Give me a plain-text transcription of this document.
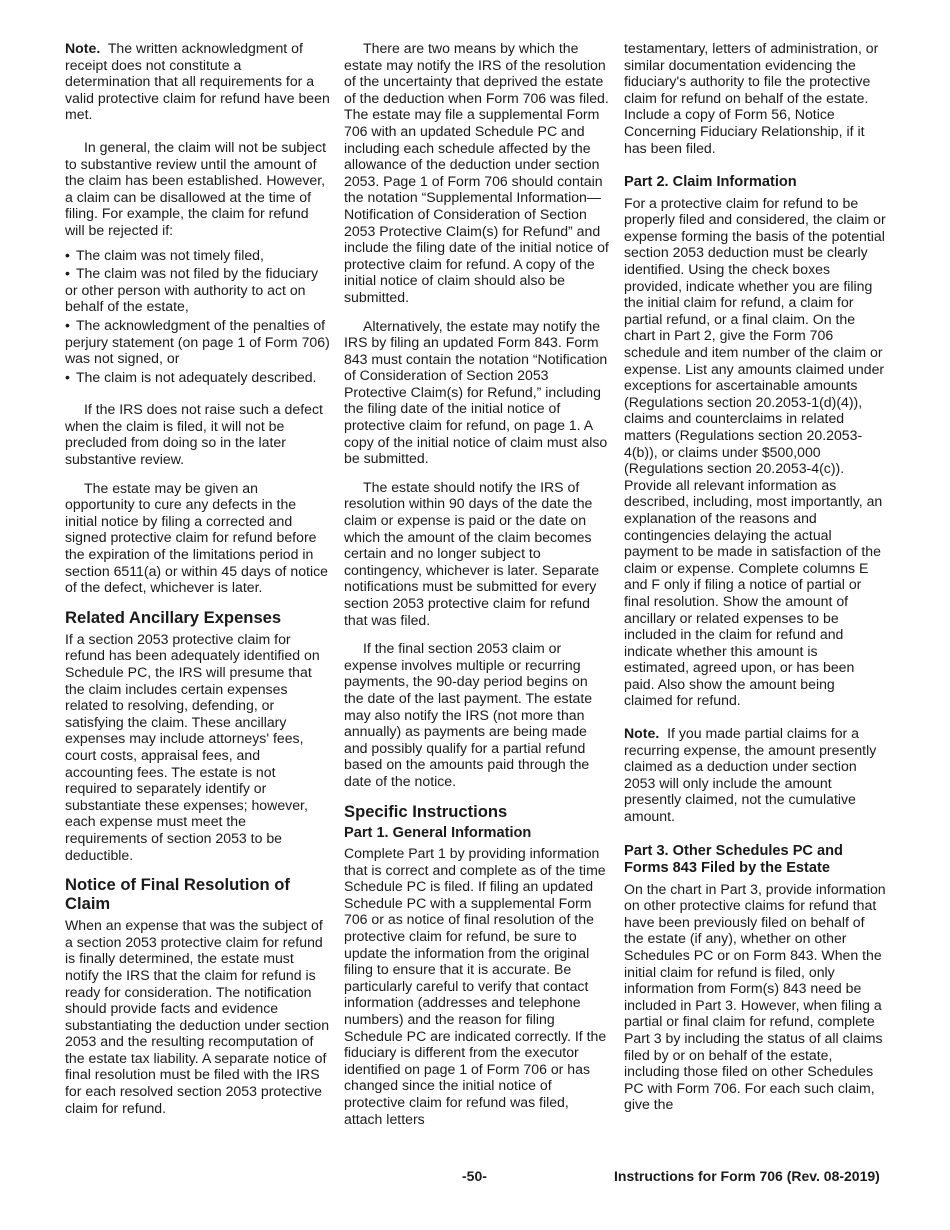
Note. The written acknowledgment of receipt does not constitute a determination that all requirements for a valid protective claim for refund have been met.

In general, the claim will not be subject to substantive review until the amount of the claim has been established. However, a claim can be disallowed at the time of filing. For example, the claim for refund will be rejected if:

• The claim was not timely filed,
• The claim was not filed by the fiduciary or other person with authority to act on behalf of the estate,
• The acknowledgment of the penalties of perjury statement (on page 1 of Form 706) was not signed, or
• The claim is not adequately described.

If the IRS does not raise such a defect when the claim is filed, it will not be precluded from doing so in the later substantive review.

The estate may be given an opportunity to cure any defects in the initial notice by filing a corrected and signed protective claim for refund before the expiration of the limitations period in section 6511(a) or within 45 days of notice of the defect, whichever is later.

Related Ancillary Expenses

If a section 2053 protective claim for refund has been adequately identified on Schedule PC, the IRS will presume that the claim includes certain expenses related to resolving, defending, or satisfying the claim. These ancillary expenses may include attorneys' fees, court costs, appraisal fees, and accounting fees. The estate is not required to separately identify or substantiate these expenses; however, each expense must meet the requirements of section 2053 to be deductible.

Notice of Final Resolution of Claim

When an expense that was the subject of a section 2053 protective claim for refund is finally determined, the estate must notify the IRS that the claim for refund is ready for consideration. The notification should provide facts and evidence substantiating the deduction under section 2053 and the resulting recomputation of the estate tax liability. A separate notice of final resolution must be filed with the IRS for each resolved section 2053 protective claim for refund.

There are two means by which the estate may notify the IRS of the resolution of the uncertainty that deprived the estate of the deduction when Form 706 was filed. The estate may file a supplemental Form 706 with an updated Schedule PC and including each schedule affected by the allowance of the deduction under section 2053. Page 1 of Form 706 should contain the notation “Supplemental Information—Notification of Consideration of Section 2053 Protective Claim(s) for Refund” and include the filing date of the initial notice of protective claim for refund. A copy of the initial notice of claim should also be submitted.

Alternatively, the estate may notify the IRS by filing an updated Form 843. Form 843 must contain the notation “Notification of Consideration of Section 2053 Protective Claim(s) for Refund,” including the filing date of the initial notice of protective claim for refund, on page 1. A copy of the initial notice of claim must also be submitted.

The estate should notify the IRS of resolution within 90 days of the date the claim or expense is paid or the date on which the amount of the claim becomes certain and no longer subject to contingency, whichever is later. Separate notifications must be submitted for every section 2053 protective claim for refund that was filed.

If the final section 2053 claim or expense involves multiple or recurring payments, the 90-day period begins on the date of the last payment. The estate may also notify the IRS (not more than annually) as payments are being made and possibly qualify for a partial refund based on the amounts paid through the date of the notice.

Specific Instructions
Part 1. General Information

Complete Part 1 by providing information that is correct and complete as of the time Schedule PC is filed. If filing an updated Schedule PC with a supplemental Form 706 or as notice of final resolution of the protective claim for refund, be sure to update the information from the original filing to ensure that it is accurate. Be particularly careful to verify that contact information (addresses and telephone numbers) and the reason for filing Schedule PC are indicated correctly. If the fiduciary is different from the executor identified on page 1 of Form 706 or has changed since the initial notice of protective claim for refund was filed, attach letters

testamentary, letters of administration, or similar documentation evidencing the fiduciary's authority to file the protective claim for refund on behalf of the estate. Include a copy of Form 56, Notice Concerning Fiduciary Relationship, if it has been filed.

Part 2. Claim Information

For a protective claim for refund to be properly filed and considered, the claim or expense forming the basis of the potential section 2053 deduction must be clearly identified. Using the check boxes provided, indicate whether you are filing the initial claim for refund, a claim for partial refund, or a final claim. On the chart in Part 2, give the Form 706 schedule and item number of the claim or expense. List any amounts claimed under exceptions for ascertainable amounts (Regulations section 20.2053-1(d)(4)), claims and counterclaims in related matters (Regulations section 20.2053-4(b)), or claims under $500,000 (Regulations section 20.2053-4(c)). Provide all relevant information as described, including, most importantly, an explanation of the reasons and contingencies delaying the actual payment to be made in satisfaction of the claim or expense. Complete columns E and F only if filing a notice of partial or final resolution. Show the amount of ancillary or related expenses to be included in the claim for refund and indicate whether this amount is estimated, agreed upon, or has been paid. Also show the amount being claimed for refund.

Note. If you made partial claims for a recurring expense, the amount presently claimed as a deduction under section 2053 will only include the amount presently claimed, not the cumulative amount.

Part 3. Other Schedules PC and Forms 843 Filed by the Estate

On the chart in Part 3, provide information on other protective claims for refund that have been previously filed on behalf of the estate (if any), whether on other Schedules PC or on Form 843. When the initial claim for refund is filed, only information from Form(s) 843 need be included in Part 3. However, when filing a partial or final claim for refund, complete Part 3 by including the status of all claims filed by or on behalf of the estate, including those filed on other Schedules PC with Form 706. For each such claim, give the

-50-	Instructions for Form 706 (Rev. 08-2019)
